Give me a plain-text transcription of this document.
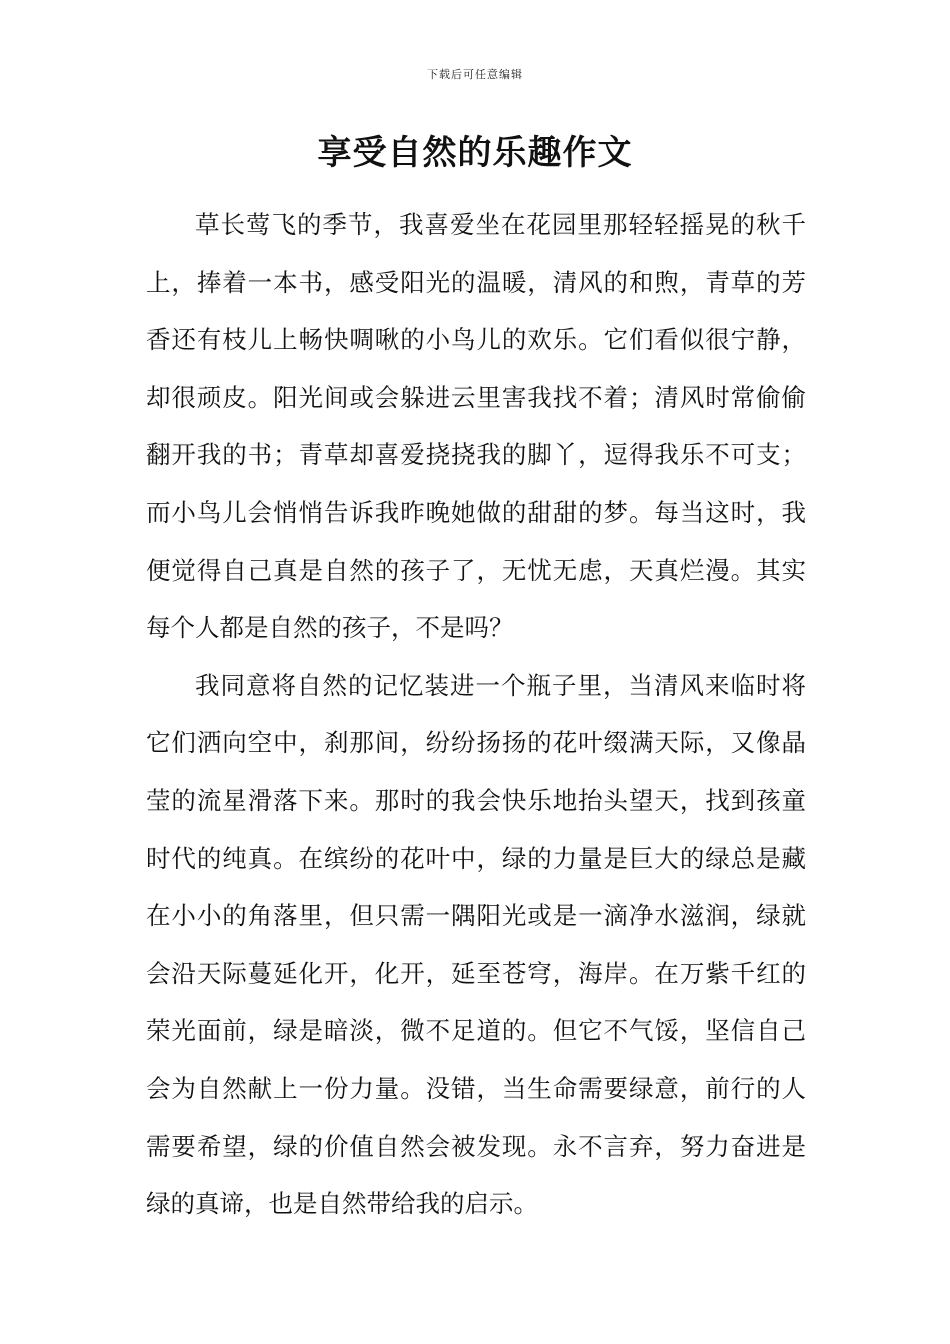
下载后可任意编辑
享受自然的乐趣作文

草长莺飞的季节，我喜爱坐在花园里那轻轻摇晃的秋千上，捧着一本书，感受阳光的温暖，清风的和煦，青草的芳香还有枝儿上畅快啁啾的小鸟儿的欢乐。它们看似很宁静，却很顽皮。阳光间或会躲进云里害我找不着；清风时常偷偷翻开我的书；青草却喜爱挠挠我的脚丫，逗得我乐不可支；而小鸟儿会悄悄告诉我昨晚她做的甜甜的梦。每当这时，我便觉得自己真是自然的孩子了，无忧无虑，天真烂漫。其实每个人都是自然的孩子，不是吗？

我同意将自然的记忆装进一个瓶子里，当清风来临时将它们洒向空中，刹那间，纷纷扬扬的花叶缀满天际，又像晶莹的流星滑落下来。那时的我会快乐地抬头望天，找到孩童时代的纯真。在缤纷的花叶中，绿的力量是巨大的绿总是藏在小小的角落里，但只需一隅阳光或是一滴净水滋润，绿就会沿天际蔓延化开，化开，延至苍穹，海岸。在万紫千红的荣光面前，绿是暗淡，微不足道的。但它不气馁，坚信自己会为自然献上一份力量。没错，当生命需要绿意，前行的人需要希望，绿的价值自然会被发现。永不言弃，努力奋进是绿的真谛，也是自然带给我的启示。
